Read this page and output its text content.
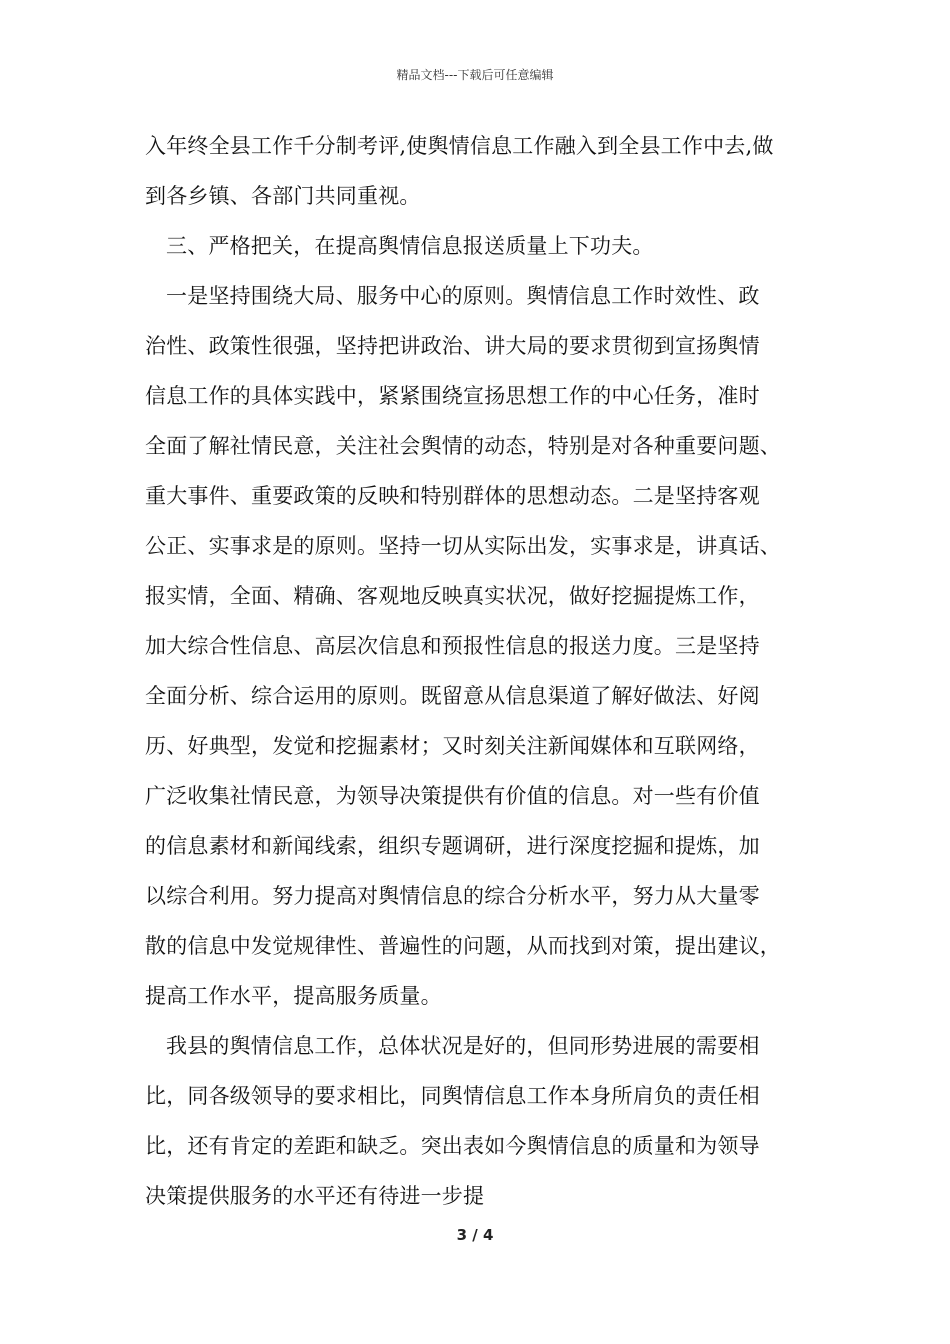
精品文档---下载后可任意编辑
入年终全县工作千分制考评,使舆情信息工作融入到全县工作中去,做
到各乡镇、各部门共同重视。
三、严格把关，在提高舆情信息报送质量上下功夫。
一是坚持围绕大局、服务中心的原则。舆情信息工作时效性、政
治性、政策性很强，坚持把讲政治、讲大局的要求贯彻到宣扬舆情
信息工作的具体实践中，紧紧围绕宣扬思想工作的中心任务，准时
全面了解社情民意，关注社会舆情的动态，特别是对各种重要问题、
重大事件、重要政策的反映和特别群体的思想动态。二是坚持客观
公正、实事求是的原则。坚持一切从实际出发，实事求是，讲真话、
报实情，全面、精确、客观地反映真实状况，做好挖掘提炼工作，
加大综合性信息、高层次信息和预报性信息的报送力度。三是坚持
全面分析、综合运用的原则。既留意从信息渠道了解好做法、好阅
历、好典型，发觉和挖掘素材；又时刻关注新闻媒体和互联网络，
广泛收集社情民意，为领导决策提供有价值的信息。对一些有价值
的信息素材和新闻线索，组织专题调研，进行深度挖掘和提炼，加
以综合利用。努力提高对舆情信息的综合分析水平，努力从大量零
散的信息中发觉规律性、普遍性的问题，从而找到对策，提出建议，
提高工作水平，提高服务质量。
我县的舆情信息工作，总体状况是好的，但同形势进展的需要相
比，同各级领导的要求相比，同舆情信息工作本身所肩负的责任相
比，还有肯定的差距和缺乏。突出表如今舆情信息的质量和为领导
决策提供服务的水平还有待进一步提
3 / 4
